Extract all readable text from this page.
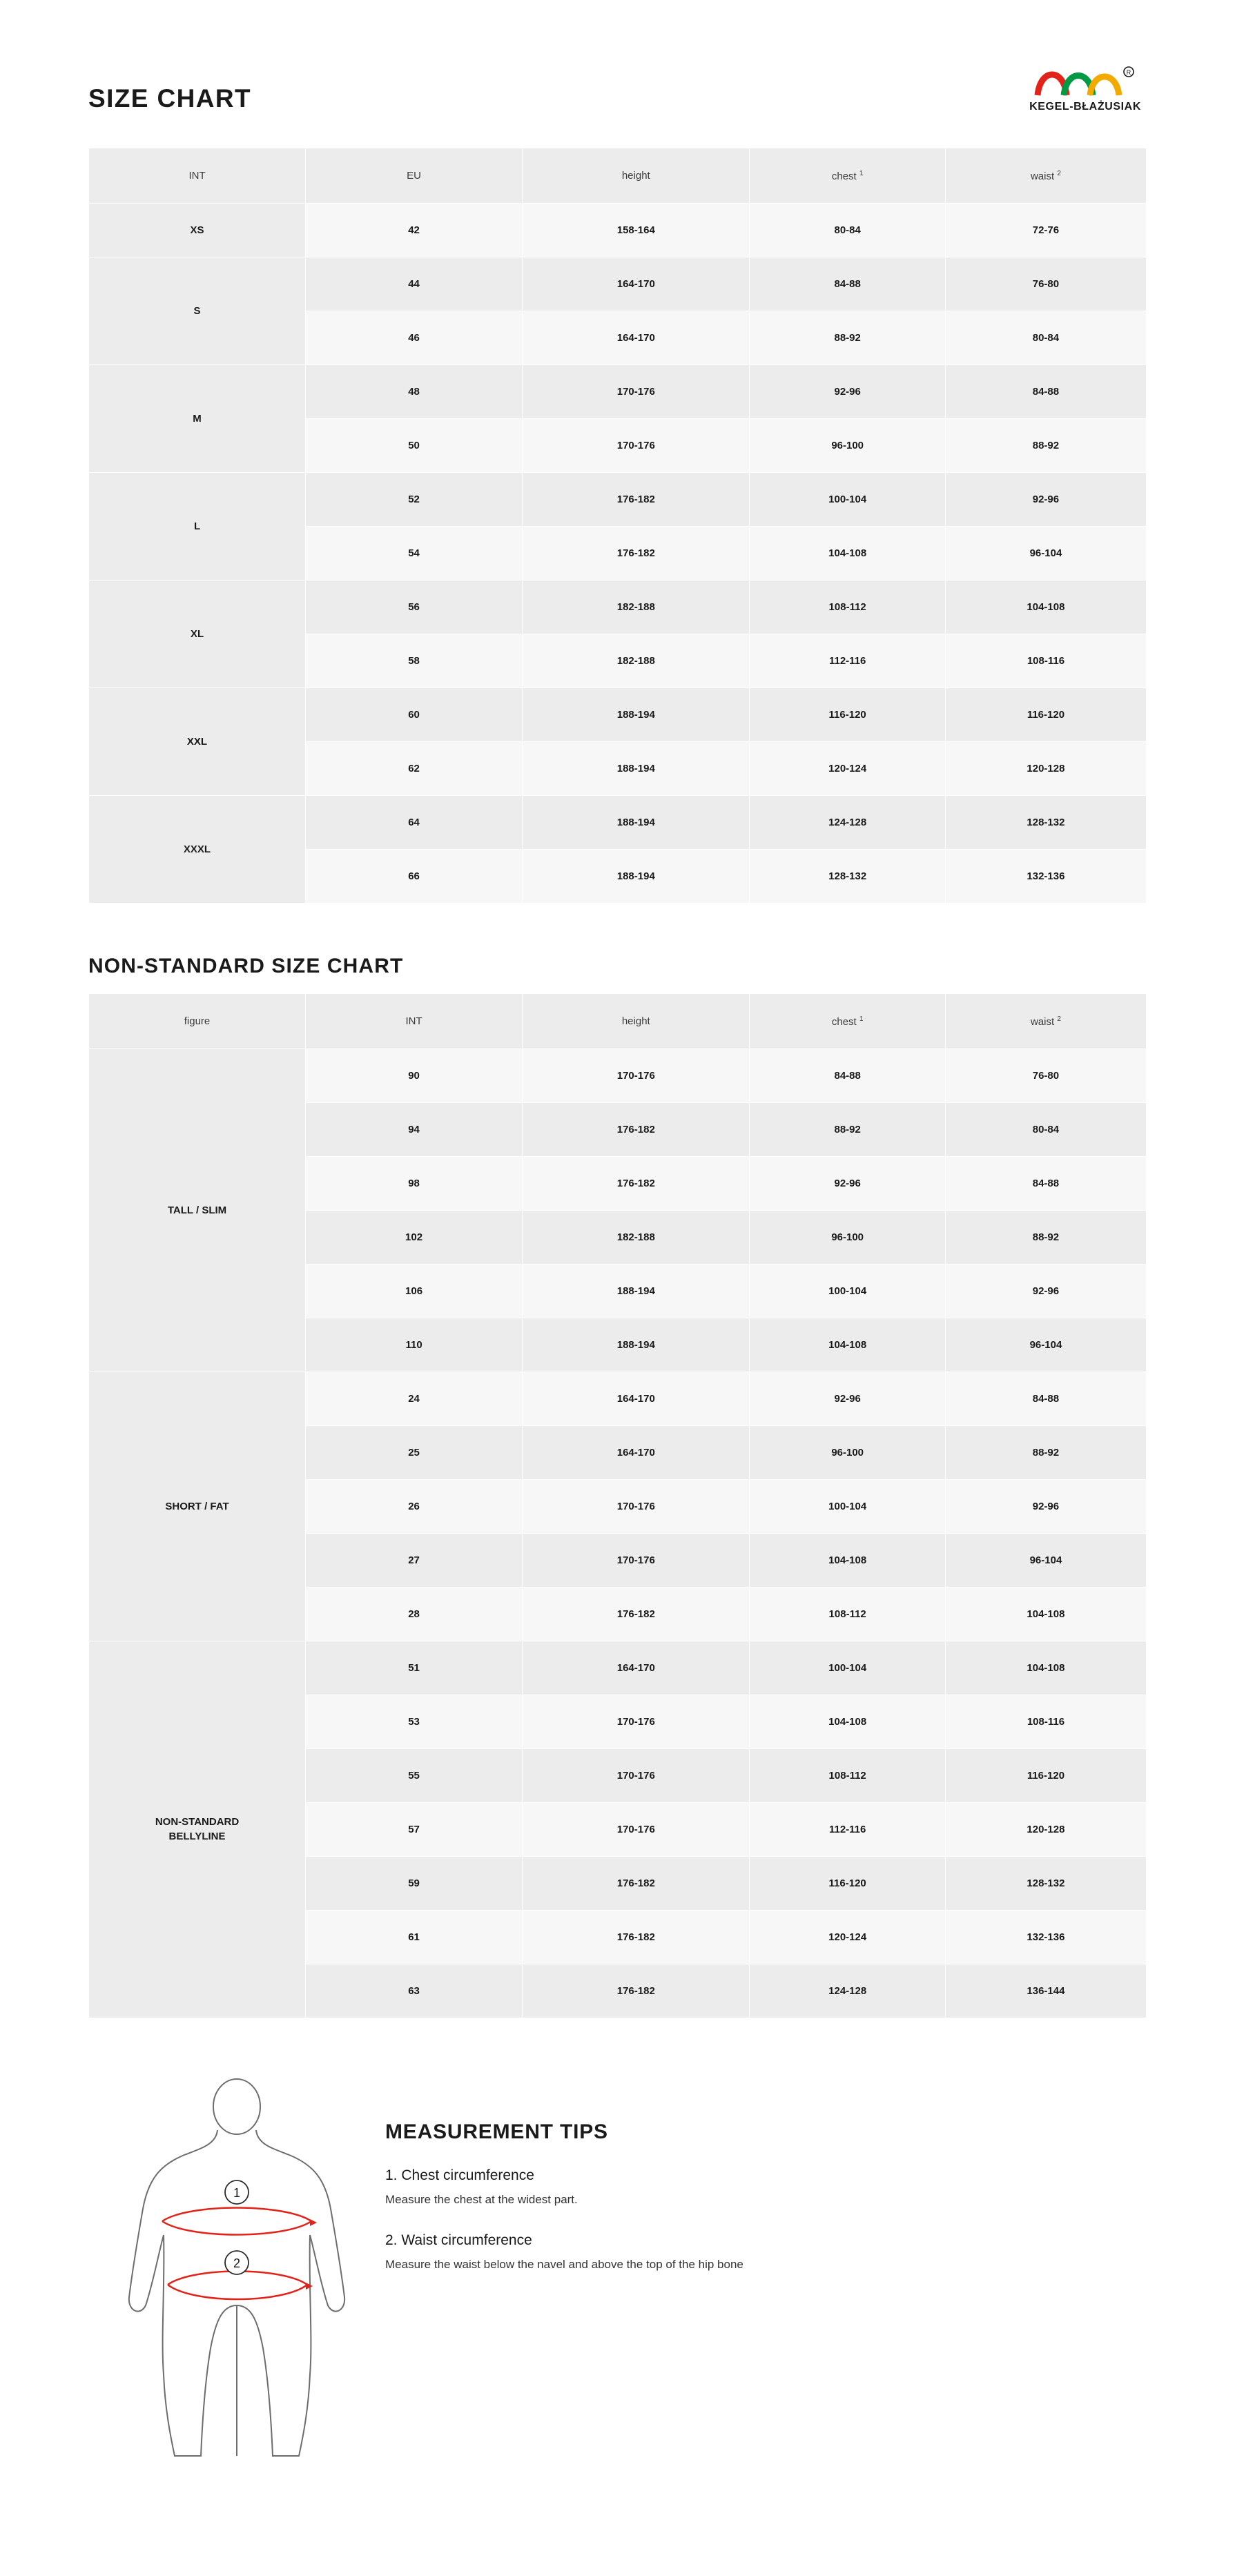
SIZE CHART
R
KEGEL-BŁAŻUSIAK
INT	EU	height	chest $^1$	waist $^2$
XS	42	158-164	80-84	72-76
S	44	164-170	84-88	76-80
	46	164-170	88-92	80-84
M	48	170-176	92-96	84-88
	50	170-176	96-100	88-92
L	52	176-182	100-104	92-96
	54	176-182	104-108	96-104
XL	56	182-188	108-112	104-108
	58	182-188	112-116	108-116
XXL	60	188-194	116-120	116-120
	62	188-194	120-124	120-128
XXXL	64	188-194	124-128	128-132
	66	188-194	128-132	132-136
NON-STANDARD SIZE CHART
figure	INT	height	chest $^1$	waist $^2$
TALL / SLIM	90	170-176	84-88	76-80
	94	176-182	88-92	80-84
	98	176-182	92-96	84-88
	102	182-188	96-100	88-92
	106	188-194	100-104	92-96
	110	188-194	104-108	96-104
SHORT / FAT	24	164-170	92-96	84-88
	25	164-170	96-100	88-92
	26	170-176	100-104	92-96
	27	170-176	104-108	96-104
	28	176-182	108-112	104-108

NON-STANDARD
BELLYLINE	51	164-170	100-104	104-108
	53	170-176	104-108	108-116
	55	170-176	108-112	116-120
	57	170-176	112-116	120-128
	59	176-182	116-120	128-132
	61	176-182	120-124	132-136
	63	176-182	124-128	136-144
1
2
MEASUREMENT TIPS

1. Chest circumference

Measure the chest at the widest part.

2. Waist circumference

Measure the waist below the navel and above the top of the hip bone
